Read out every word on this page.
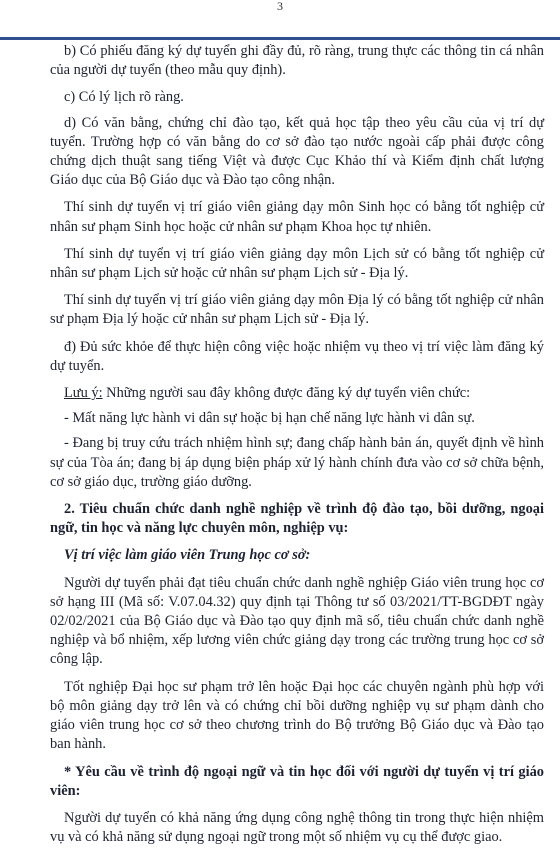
3

b) Có phiếu đăng ký dự tuyển ghi đầy đủ, rõ ràng, trung thực các thông tin cá nhân của người dự tuyển (theo mẫu quy định).

c) Có lý lịch rõ ràng.

d) Có văn bằng, chứng chỉ đào tạo, kết quả học tập theo yêu cầu của vị trí dự tuyển. Trường hợp có văn bằng do cơ sở đào tạo nước ngoài cấp phải được công chứng dịch thuật sang tiếng Việt và được Cục Khảo thí và Kiểm định chất lượng Giáo dục của Bộ Giáo dục và Đào tạo công nhận.

Thí sinh dự tuyển vị trí giáo viên giảng dạy môn Sinh học có bằng tốt nghiệp cử nhân sư phạm Sinh học hoặc cử nhân sư phạm Khoa học tự nhiên.

Thí sinh dự tuyển vị trí giáo viên giảng dạy môn Lịch sử có bằng tốt nghiệp cử nhân sư phạm Lịch sử hoặc cử nhân sư phạm Lịch sử - Địa lý.

Thí sinh dự tuyển vị trí giáo viên giảng dạy môn Địa lý có bằng tốt nghiệp cử nhân sư phạm Địa lý hoặc cử nhân sư phạm Lịch sử - Địa lý.

đ) Đủ sức khỏe để thực hiện công việc hoặc nhiệm vụ theo vị trí việc làm đăng ký dự tuyển.

Lưu ý: Những người sau đây không được đăng ký dự tuyển viên chức:

- Mất năng lực hành vi dân sự hoặc bị hạn chế năng lực hành vi dân sự.

- Đang bị truy cứu trách nhiệm hình sự; đang chấp hành bản án, quyết định về hình sự của Tòa án; đang bị áp dụng biện pháp xử lý hành chính đưa vào cơ sở chữa bệnh, cơ sở giáo dục, trường giáo dưỡng.

2. Tiêu chuẩn chức danh nghề nghiệp về trình độ đào tạo, bồi dưỡng, ngoại ngữ, tin học và năng lực chuyên môn, nghiệp vụ:

Vị trí việc làm giáo viên Trung học cơ sở:

Người dự tuyển phải đạt tiêu chuẩn chức danh nghề nghiệp Giáo viên trung học cơ sở hạng III (Mã số: V.07.04.32) quy định tại Thông tư số 03/2021/TT-BGDĐT ngày 02/02/2021 của Bộ Giáo dục và Đào tạo quy định mã số, tiêu chuẩn chức danh nghề nghiệp và bổ nhiệm, xếp lương viên chức giảng dạy trong các trường trung học cơ sở công lập.

Tốt nghiệp Đại học sư phạm trở lên hoặc Đại học các chuyên ngành phù hợp với bộ môn giảng dạy trở lên và có chứng chỉ bồi dưỡng nghiệp vụ sư phạm dành cho giáo viên trung học cơ sở theo chương trình do Bộ trưởng Bộ Giáo dục và Đào tạo ban hành.

* Yêu cầu về trình độ ngoại ngữ và tin học đối với người dự tuyển vị trí giáo viên:

Người dự tuyển có khả năng ứng dụng công nghệ thông tin trong thực hiện nhiệm vụ và có khả năng sử dụng ngoại ngữ trong một số nhiệm vụ cụ thể được giao.
